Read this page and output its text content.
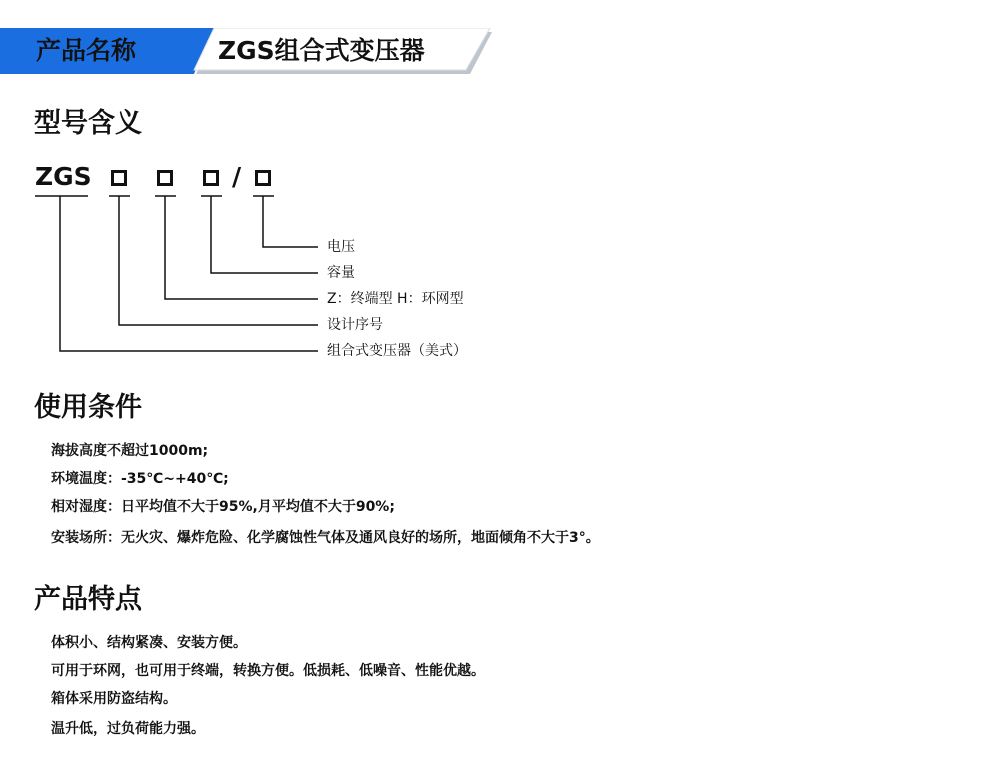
产品名称	ZGS组合式变压器
型号含义
ZGS	/
电压
容量
Z：终端型 H：环网型
设计序号
组合式变压器（美式）
使用条件
海拔高度不超过1000m;
环境温度：-35℃~+40℃;
相对湿度：日平均值不大于95%,月平均值不大于90%;
安装场所：无火灾、爆炸危险、化学腐蚀性气体及通风良好的场所，地面倾角不大于3°。
产品特点
体积小、结构紧凑、安装方便。
可用于环网，也可用于终端，转换方便。低损耗、低噪音、性能优越。
箱体采用防盗结构。
温升低，过负荷能力强。
